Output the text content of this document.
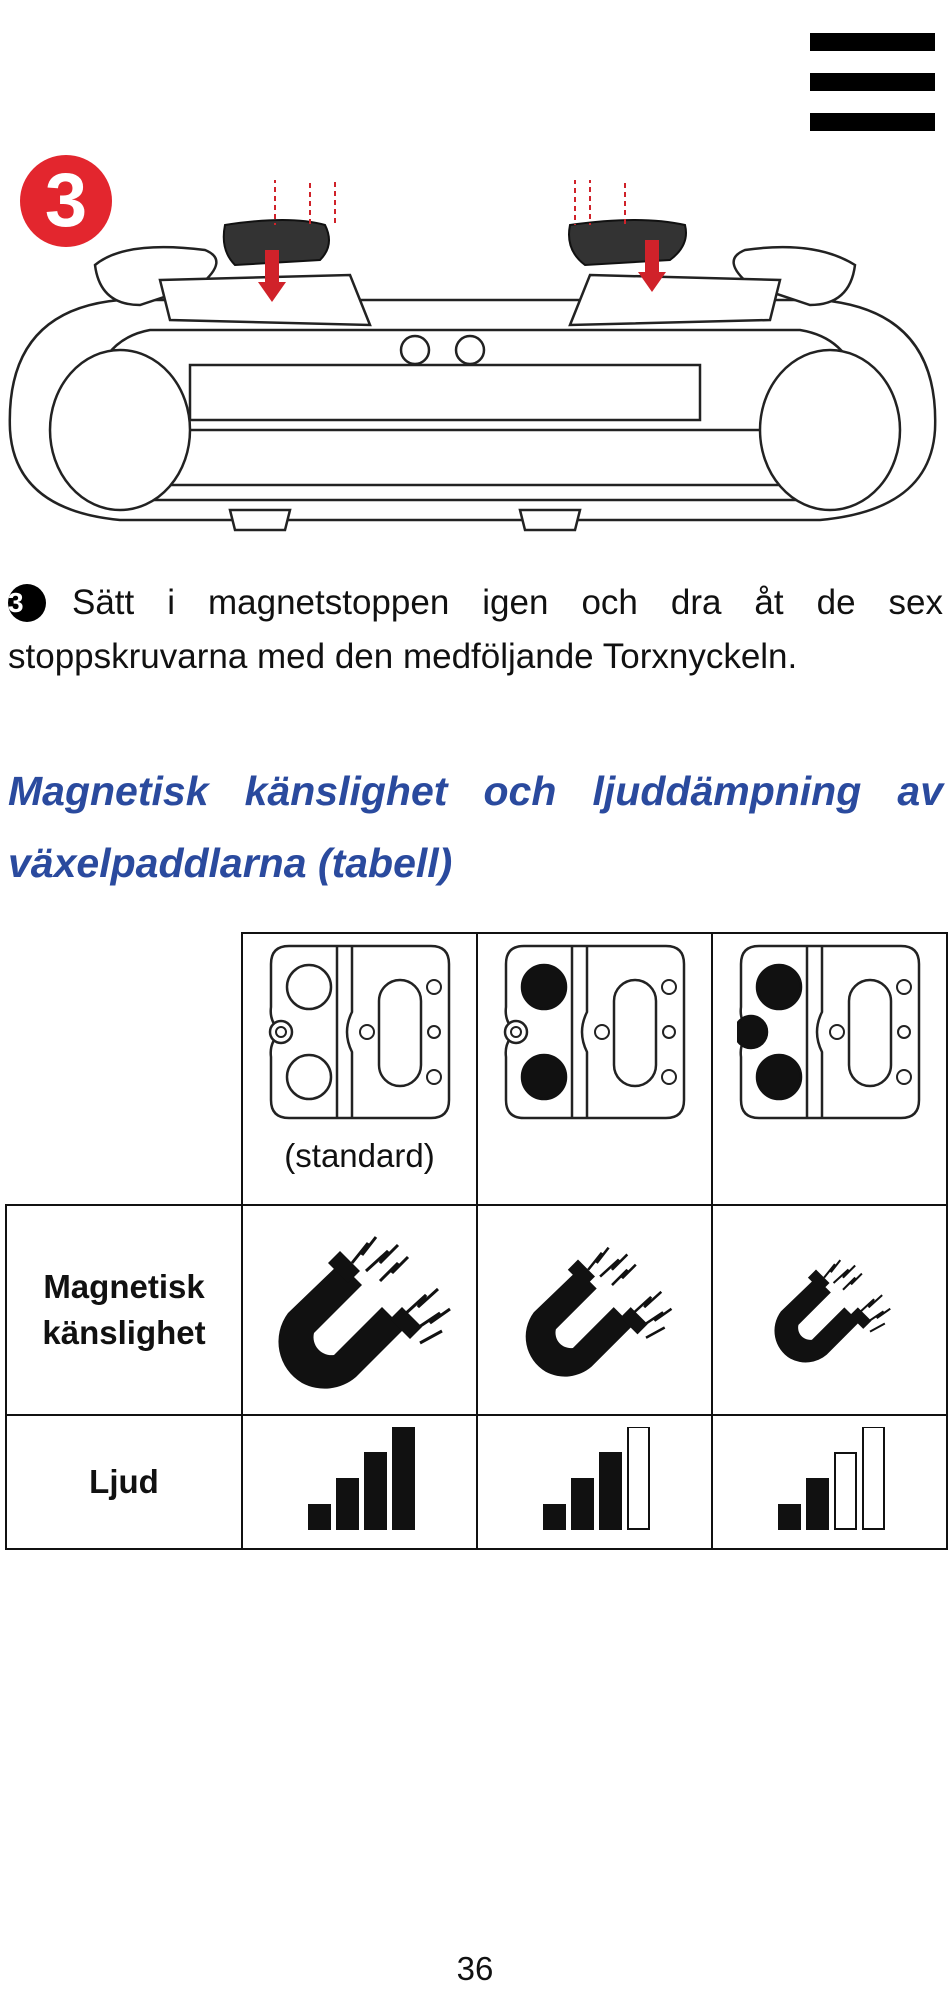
3

3 Sätt i magnetstoppen igen och dra åt de sex stoppskruvarna med den medföljande Torxnyckeln.

Magnetisk känslighet och ljuddämpning av växelpaddlarna (tabell)

	(standard)

Magnetisk
känslighet

Ljud

36
